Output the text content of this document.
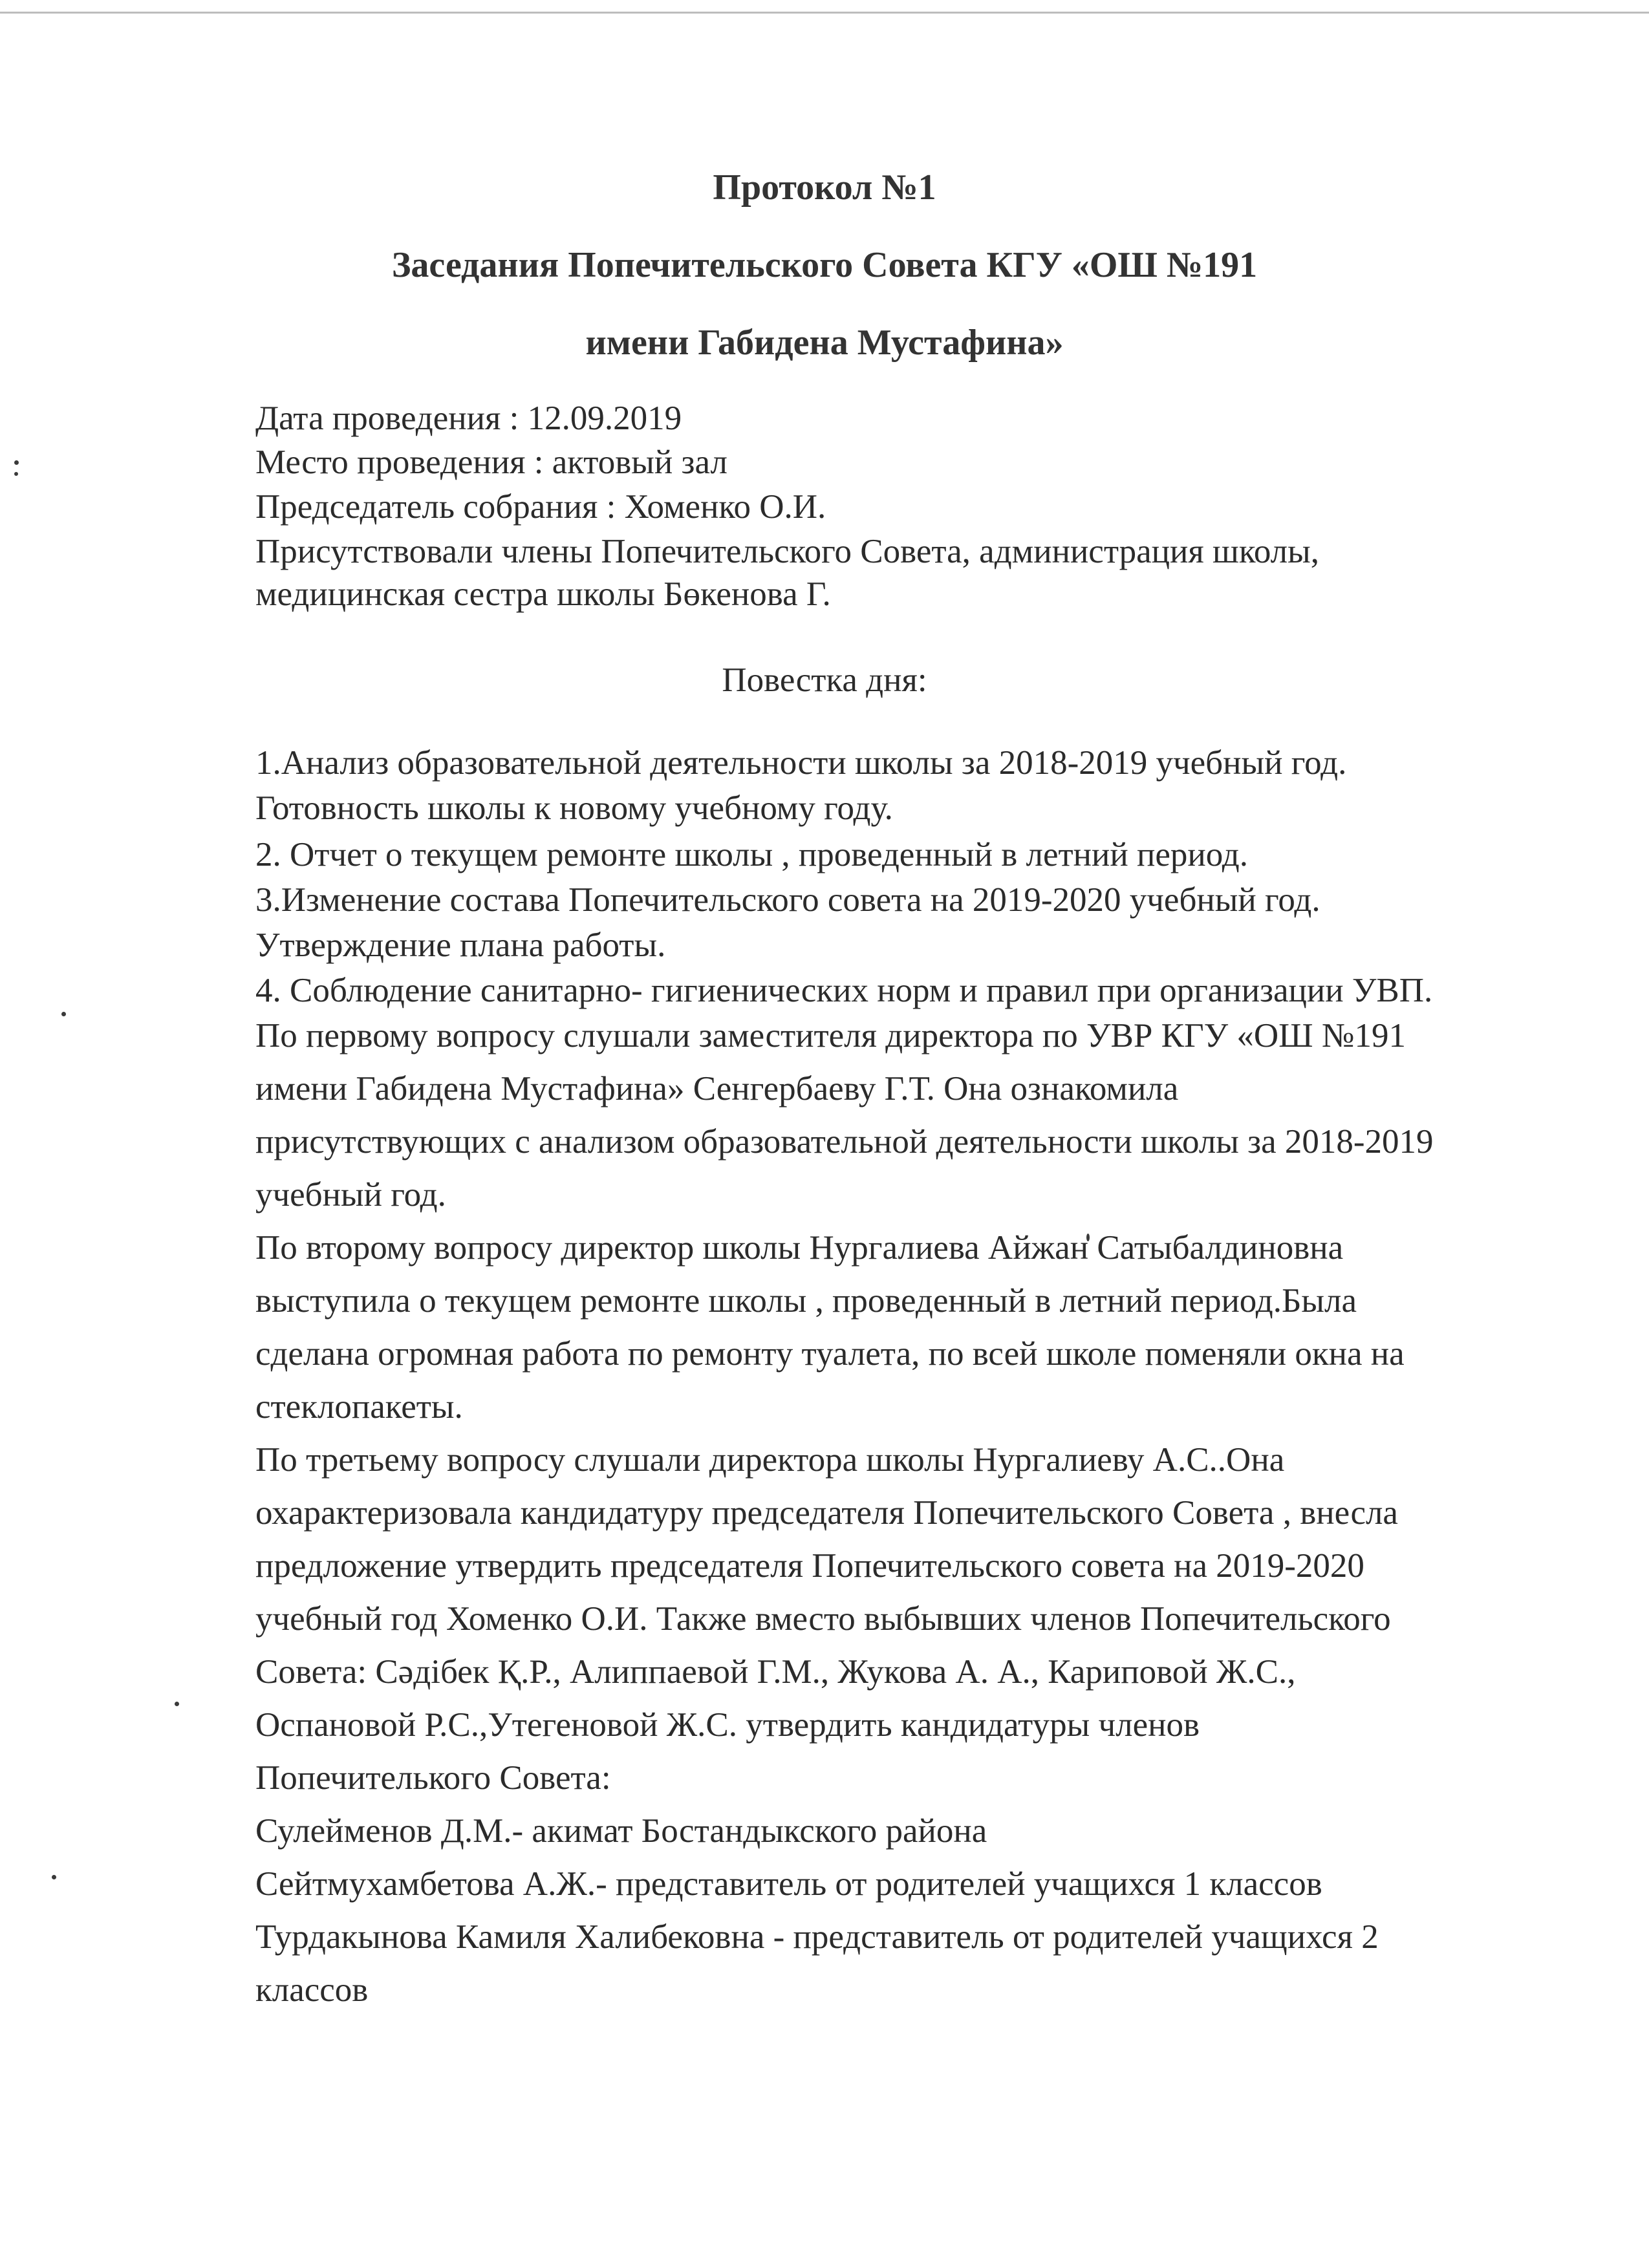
Протокол №1
Заседания Попечительского Совета КГУ «ОШ №191
имени Габидена Мустафина»
Дата проведения : 12.09.2019
Место проведения : актовый зал
Председатель собрания : Хоменко О.И.
Присутствовали члены Попечительского Совета, администрация школы,
медицинская сестра школы Бөкенова Г.
Повестка дня:
1.Анализ образовательной деятельности школы за 2018-2019 учебный год.
Готовность школы к новому учебному году.
2. Отчет о текущем ремонте школы , проведенный в летний период.
3.Изменение состава Попечительского совета на 2019-2020 учебный год.
Утверждение плана работы.
4. Соблюдение санитарно- гигиенических норм и правил при организации УВП.
По первому вопросу слушали заместителя директора по УВР КГУ «ОШ №191
имени Габидена Мустафина» Сенгербаеву Г.Т. Она ознакомила
присутствующих с анализом образовательной деятельности школы за 2018-2019
учебный год.
По второму вопросу директор школы Нургалиева Айжан Сатыбалдиновна
выступила о текущем ремонте школы , проведенный в летний период.Была
сделана огромная работа по ремонту туалета, по всей школе поменяли окна на
стеклопакеты.
По третьему вопросу слушали директора школы Нургалиеву А.С..Она
охарактеризовала кандидатуру председателя Попечительского Совета , внесла
предложение утвердить председателя Попечительского совета на 2019-2020
учебный год Хоменко О.И. Также вместо выбывших членов Попечительского
Совета: Сәдібек Қ.Р., Алиппаевой Г.М., Жукова А. А., Кариповой Ж.С.,
Оспановой Р.С.,Утегеновой Ж.С. утвердить кандидатуры членов
Попечителького Совета:
Сулейменов Д.М.- акимат Бостандыкского района
Сейтмухамбетова А.Ж.- представитель от родителей учащихся 1 классов
Турдакынова Камиля Халибековна - представитель от родителей учащихся 2
классов
